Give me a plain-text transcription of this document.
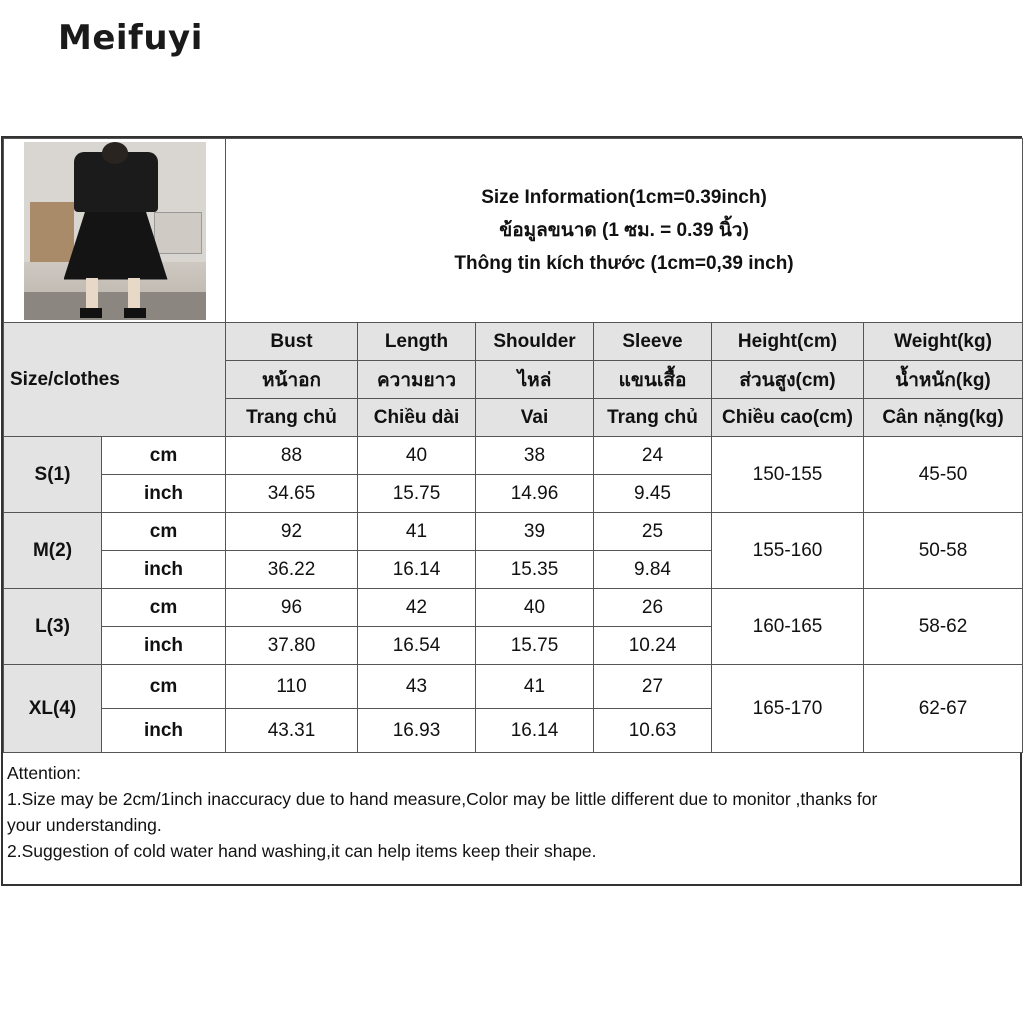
Meifuyi

		Size Information(1cm=0.39inch)
ข้อมูลขนาด (1 ซม. = 0.39 นิ้ว)
Thông tin kích thước (1cm=0,39 inch)					

Size/clothes		Bust	Length	Shoulder	Sleeve	Height(cm)	Weight(kg)
		หน้าอก	ความยาว	ไหล่	แขนเสื้อ	ส่วนสูง(cm)	น้ำหนัก(kg)
		Trang chủ	Chiều dài	Vai	Trang chủ	Chiều cao(cm)	Cân nặng(kg)
S(1)	cm	88	40	38	24	150-155	45-50
	inch	34.65	15.75	14.96	9.45		
M(2)	cm	92	41	39	25	155-160	50-58
	inch	36.22	16.14	15.35	9.84		
L(3)	cm	96	42	40	26	160-165	58-62
	inch	37.80	16.54	15.75	10.24		
XL(4)	cm	110	43	41	27	165-170	62-67
	inch	43.31	16.93	16.14	10.63		
Attention:
1.Size may be 2cm/1inch inaccuracy due to hand measure,Color may be little different due to monitor ,thanks for
your understanding.
2.Suggestion of cold water hand washing,it can help items keep their shape.
